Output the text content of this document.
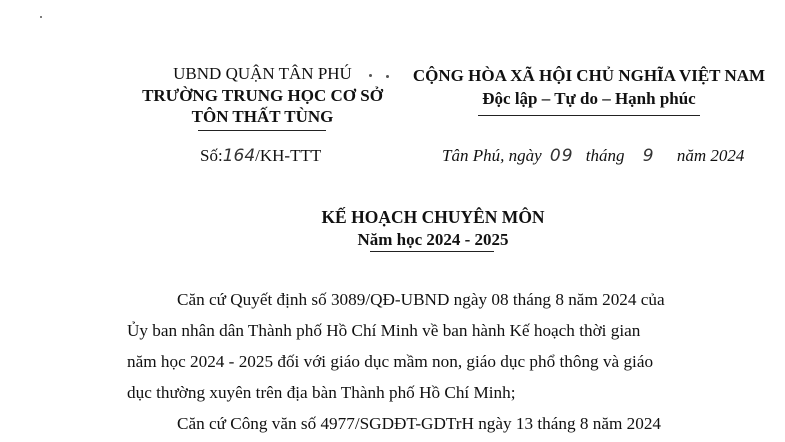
UBND QUẬN TÂN PHÚ
TRƯỜNG TRUNG HỌC CƠ SỞ
TÔN THẤT TÙNG
CỘNG HÒA XÃ HỘI CHỦ NGHĨA VIỆT NAM
Độc lập – Tự do – Hạnh phúc
Số:164/KH-TTT	Tân Phú, ngày 09 tháng 9 năm 2024
KẾ HOẠCH CHUYÊN MÔN
Năm học 2024 - 2025
Căn cứ Quyết định số 3089/QĐ-UBND ngày 08 tháng 8 năm 2024 của
Ủy ban nhân dân Thành phố Hồ Chí Minh về ban hành Kế hoạch thời gian
năm học 2024 - 2025 đối với giáo dục mầm non, giáo dục phổ thông và giáo
dục thường xuyên trên địa bàn Thành phố Hồ Chí Minh;
Căn cứ Công văn số 4977/SGDĐT-GDTrH ngày 13 tháng 8 năm 2024
